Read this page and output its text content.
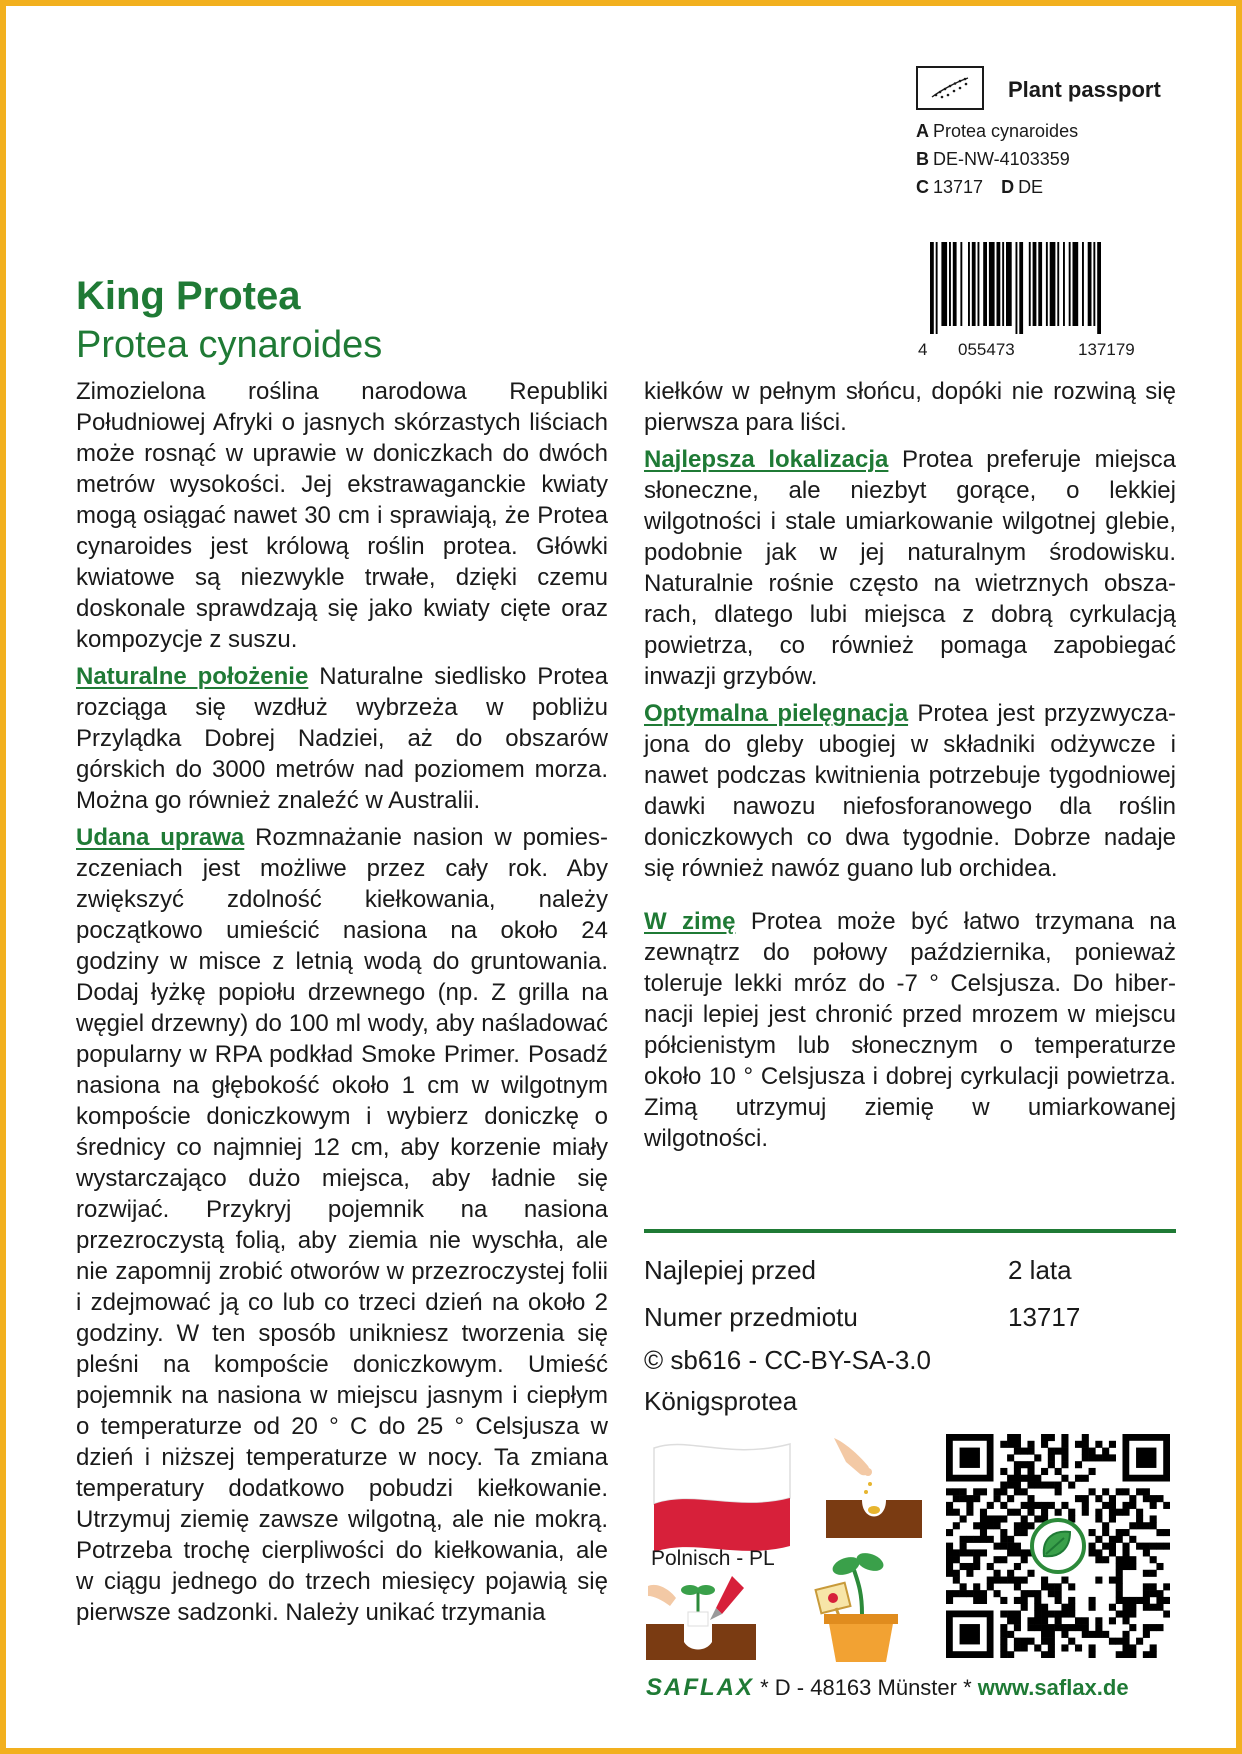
Plant passport
A Protea cynaroides
B DE-NW-4103359
C 13717 D DE
4 055473	137179
King Protea
Protea cynaroides

Zimozielona roślina narodowa Republiki Południowej Afryki o jasnych skórzastych liściach może rosnąć w uprawie w doniczkach do dwóch metrów wysokości. Jej ekstrawaganckie kwiaty mogą osiągać nawet 30 cm i sprawiają, że Protea cynaroides jest królową roślin protea. Główki kwiatowe są niezwykle trwałe, dzięki czemu doskonale sprawdzają się jako kwiaty cięte oraz kompozycje z suszu.

Naturalne położenie Naturalne siedlisko Protea rozciąga się wzdłuż wybrzeża w pobliżu Przylądka Dobrej Nadziei, aż do obszarów górskich do 3000 metrów nad poziomem morza. Można go również znaleźć w Australii.

Udana uprawa Rozmnażanie nasion w pomieszczeniach jest możliwe przez cały rok. Aby zwiększyć zdolność kiełkowania, należy początkowo umieścić nasiona na około 24 godziny w misce z letnią wodą do gruntowania. Dodaj łyżkę popiołu drzewnego (np. Z grilla na węgiel drzewny) do 100 ml wody, aby naśladować popularny w RPA podkład Smoke Primer. Posadź nasiona na głębokość około 1 cm w wilgotnym kompoście doniczkowym i wybierz doniczkę o średnicy co najmniej 12 cm, aby korzenie miały wystarczająco dużo miejsca, aby ładnie się rozwijać. Przykryj pojemnik na nasiona przezroczystą folią, aby ziemia nie wyschła, ale nie zapomnij zrobić otworów w przezroczystej folii i zdejmować ją co lub co trzeci dzień na około 2 godziny. W ten sposób unikniesz tworzenia się pleśni na kompoście doniczkowym. Umieść pojemnik na nasiona w miejscu jasnym i ciepłym o temperaturze od 20 ° C do 25 ° Celsjusza w dzień i niższej temperaturze w nocy. Ta zmiana temperatury dodatkowo pobudzi kiełkowanie. Utrzymuj ziemię zawsze wilgotną, ale nie mokrą. Potrzeba trochę cierpliwości do kiełkowania, ale w ciągu jednego do trzech miesięcy pojawią się pierwsze sadzonki. Należy unikać trzymania

kiełków w pełnym słońcu, dopóki nie rozwiną się pierwsza para liści.

Najlepsza lokalizacja Protea preferuje miejsca słoneczne, ale niezbyt gorące, o lekkiej wilgotności i stale umiarkowanie wilgotnej glebie, podobnie jak w jej naturalnym środowisku. Naturalnie rośnie często na wietrznych obszarach, dlatego lubi miejsca z dobrą cyrkulacją powietrza, co również pomaga zapobiegać inwazji grzybów.

Optymalna pielęgnacja Protea jest przyzwyczajona do gleby ubogiej w składniki odżywcze i nawet podczas kwitnienia potrzebuje tygodniowej dawki nawozu niefosforanowego dla roślin doniczkowych co dwa tygodnie. Dobrze nadaje się również nawóz guano lub orchidea.

W zimę Protea może być łatwo trzymana na zewnątrz do połowy października, ponieważ toleruje lekki mróz do -7 ° Celsjusza. Do hibernacji lepiej jest chronić przed mrozem w miejscu półcienistym lub słonecznym o temperaturze około 10 ° Celsjusza i dobrej cyrkulacji powietrza. Zimą utrzymuj ziemię w umiarkowanej wilgotności.

Najlepiej przed	2 lata
Numer przedmiotu	13717
© sb616 - CC-BY-SA-3.0
Königsprotea
Polnisch - PL
SAFLAX * D - 48163 Münster * www.saflax.de
